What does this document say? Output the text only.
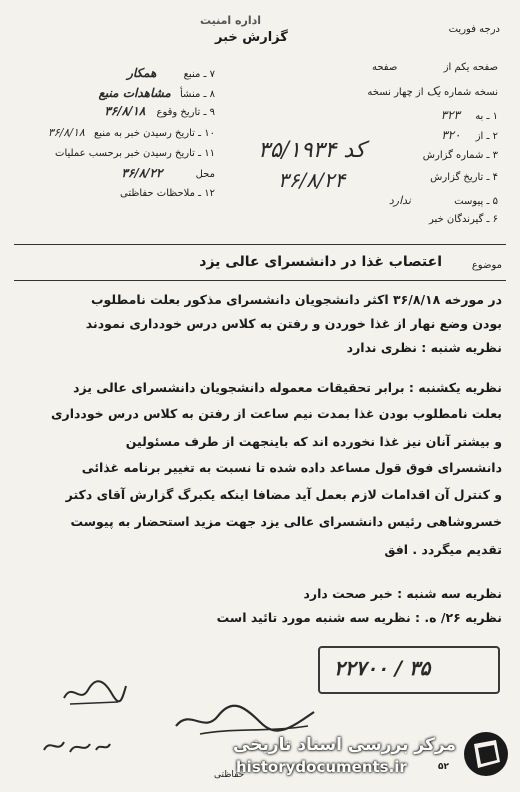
درجه فوریت
اداره امنیت
گزارش خبر
صفحه یکم از  صفحه
نسخه شماره یک از چهار نسخه
۱ ـ به ۳۲۳
۲ ـ از ۳۲۰
۳ ـ شماره گزارش
۴ ـ تاریخ گزارش
۵ ـ پیوست ندارد
۶ ـ گیرندگان خبر
۷ ـ منبع همکار
۸ ـ منشأ مشاهدات منبع
۹ ـ تاریخ وقوع ۳۶/۸/۱۸
۱۰ ـ تاریخ رسیدن خبر به منبع ۳۶/۸/۱۸
۱۱ ـ تاریخ رسیدن خبر برحسب عملیات
محل ۳۶/۸/۲۲
۱۲ ـ ملاحظات حفاظتی
۳۵/۱۹۳۴ کد
۳۶/۸/۲۴
موضوع
اعتصاب غذا در دانشسرای عالی یزد
در مورخه ۳۶/۸/۱۸ اکثر دانشجویان دانشسرای مذکور بعلت نامطلوب
بودن وضع نهار از غذا خوردن و رفتن به کلاس درس خودداری نمودند
نظریه شنبه : نظری ندارد
نظریه یکشنبه : برابر تحقیقات معموله دانشجویان دانشسرای عالی یزد
بعلت نامطلوب بودن غذا بمدت نیم ساعت از رفتن به کلاس درس خودداری
و بیشتر آنان نیز غذا نخورده اند که باینجهت از طرف مسئولین
دانشسرای فوق قول مساعد داده شده تا نسبت به تغییر برنامه غذائی
و کنترل آن اقدامات لازم بعمل آید مضافا اینکه یکبرگ گزارش آقای دکتر
خسروشاهی رئیس دانشسرای عالی یزد جهت مزید استحضار به پیوست
تقدیم میگردد . افق
نظریه سه شنبه : خبر صحت دارد
نظریه ۲۶/ ه. : نظریه سه شنبه مورد تائید است
۲۲۷۰۰ / ۳۵
حفاظتی
۵۲
مرکز بررسی اسناد تاریخی
historydocuments.ir
